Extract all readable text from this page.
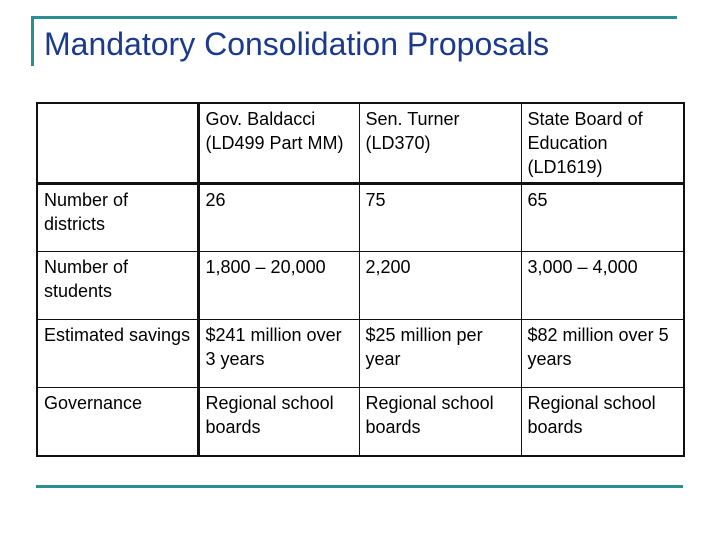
Mandatory Consolidation Proposals
	Gov. Baldacci (LD499 Part MM)	Sen. Turner (LD370)	State Board of Education (LD1619)
Number of districts	26	75	65
Number of students	1,800 – 20,000	2,200	3,000 – 4,000
Estimated savings	$241 million over 3 years	$25 million per year	$82 million over 5 years
Governance	Regional school boards	Regional school boards	Regional school boards
